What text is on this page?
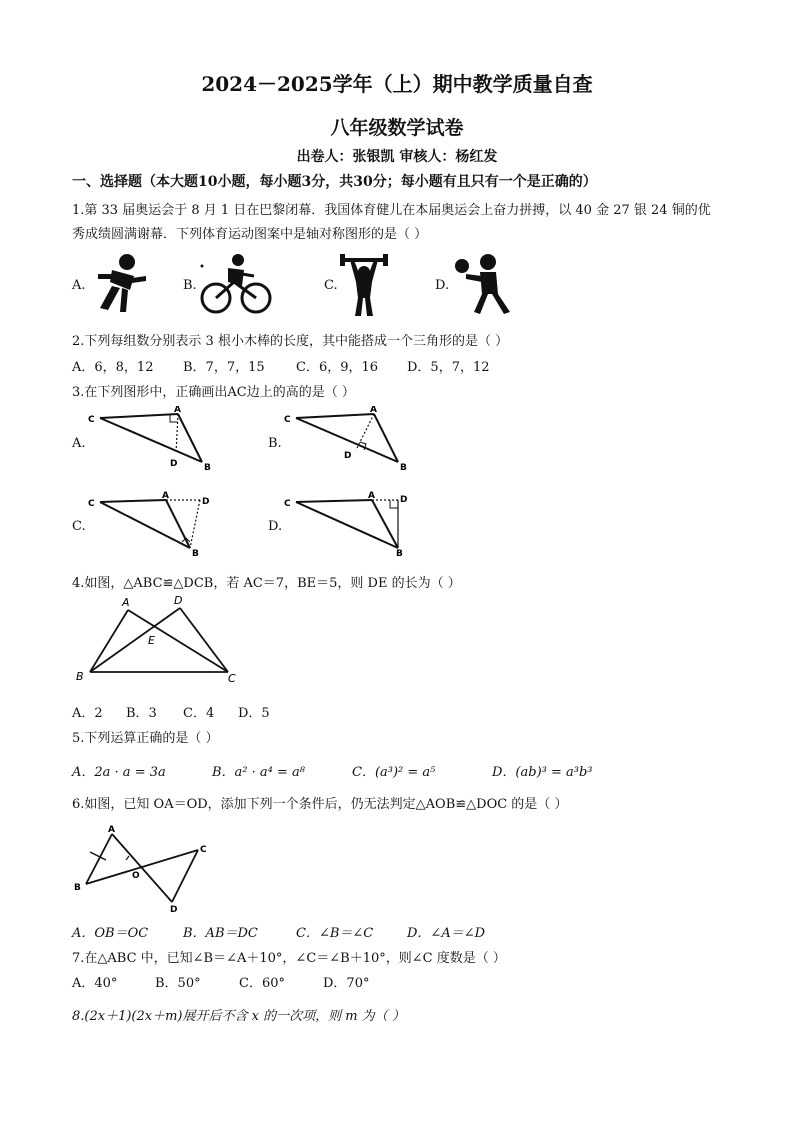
2024－2025学年（上）期中教学质量自查
八年级数学试卷
出卷人：张银凯 审核人：杨红发
一、选择题（本大题10小题，每小题3分，共30分；每小题有且只有一个是正确的）
1.第 33 届奥运会于 8 月 1 日在巴黎闭幕．我国体育健儿在本届奥运会上奋力拼搏，以 40 金 27 银 24 铜的优
秀成绩圆满谢幕．下列体育运动图案中是轴对称图形的是（ ）
A.	B.	C.	D.
2.下列每组数分别表示 3 根小木棒的长度，其中能搭成一个三角形的是（ ）
A．6，8，12 B．7，7，15 C．6，9，16 D．5，7，12
3.在下列图形中，正确画出AC边上的高的是（ ）
A.
C
A
D	B
B.
C
A
D
B
C.
C
A
D
B
D.
C
A	D
B
4.如图，△ABC≌△DCB，若 AC＝7，BE＝5，则 DE 的长为（ ）
A	D
E
B	C
A．2 B．3 C．4 D．5
5.下列运算正确的是（ ）
A．2a · a = 3a	B．a² · a⁴ = a⁸	C．(a³)² = a⁵	D．(ab)³ = a³b³
6.如图，已知 OA＝OD，添加下列一个条件后，仍无法判定△AOB≌△DOC 的是（ ）
A
B
O
C
D
A．OB＝OC	B．AB＝DC	C．∠B＝∠C	D．∠A＝∠D
7.在△ABC 中，已知∠B＝∠A＋10°，∠C＝∠B＋10°，则∠C 度数是（ ）
A．40°	B．50°	C．60°	D．70°
8.(2x＋1)(2x＋m)展开后不含 x 的一次项，则 m 为（ ）
